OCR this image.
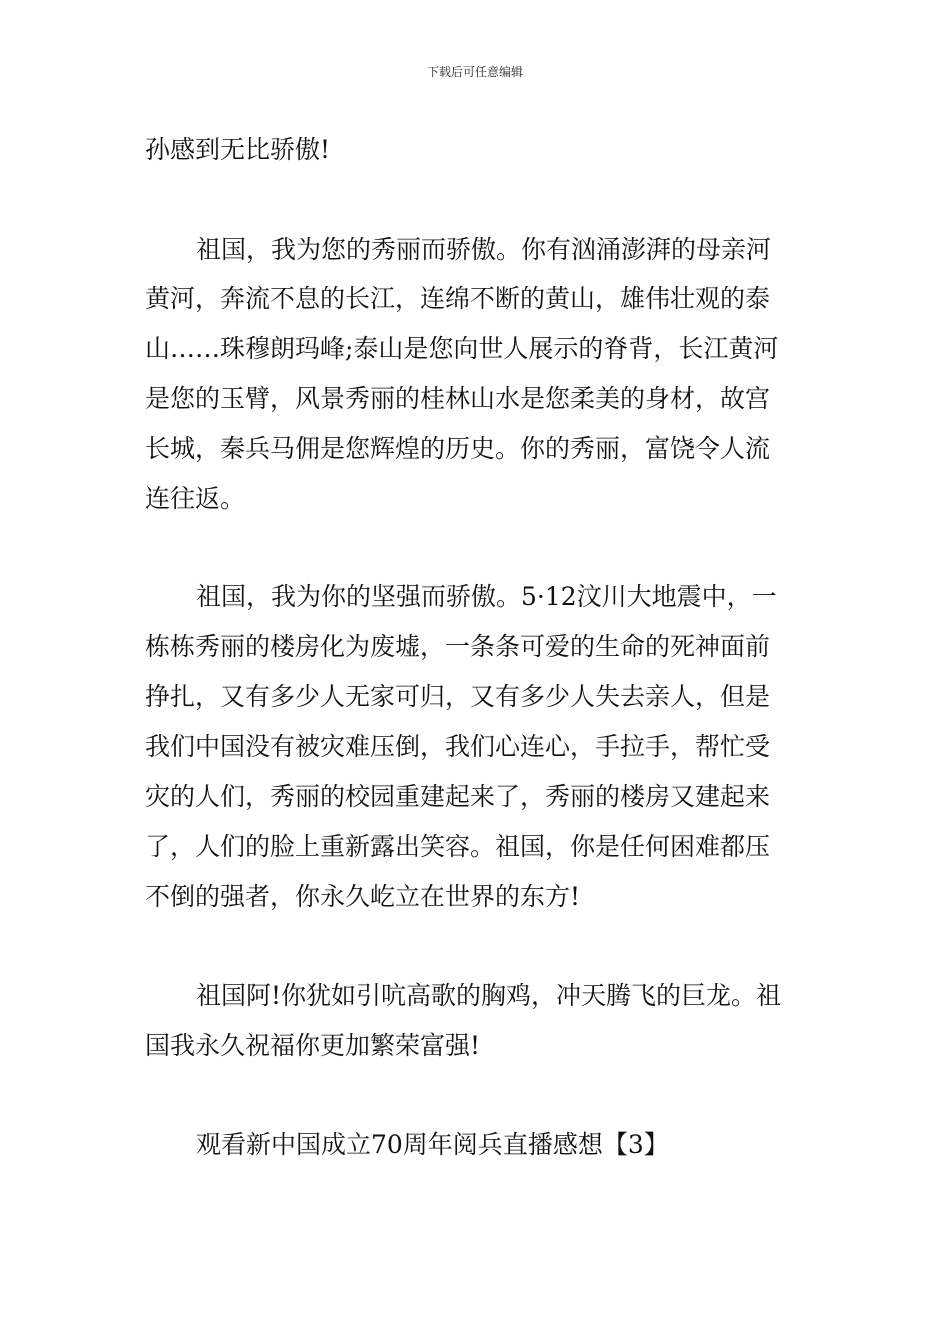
下载后可任意编辑
孙感到无比骄傲!
祖国，我为您的秀丽而骄傲。你有汹涌澎湃的母亲河
黄河，奔流不息的长江，连绵不断的黄山，雄伟壮观的泰
山……珠穆朗玛峰;泰山是您向世人展示的脊背，长江黄河
是您的玉臂，风景秀丽的桂林山水是您柔美的身材，故宫
长城，秦兵马佣是您辉煌的历史。你的秀丽，富饶令人流
连往返。
祖国，我为你的坚强而骄傲。5·12汶川大地震中，一
栋栋秀丽的楼房化为废墟，一条条可爱的生命的死神面前
挣扎，又有多少人无家可归，又有多少人失去亲人，但是
我们中国没有被灾难压倒，我们心连心，手拉手，帮忙受
灾的人们，秀丽的校园重建起来了，秀丽的楼房又建起来
了，人们的脸上重新露出笑容。祖国，你是任何困难都压
不倒的强者，你永久屹立在世界的东方!
祖国阿!你犹如引吭高歌的胸鸡，冲天腾飞的巨龙。祖
国我永久祝福你更加繁荣富强!
观看新中国成立70周年阅兵直播感想【3】
